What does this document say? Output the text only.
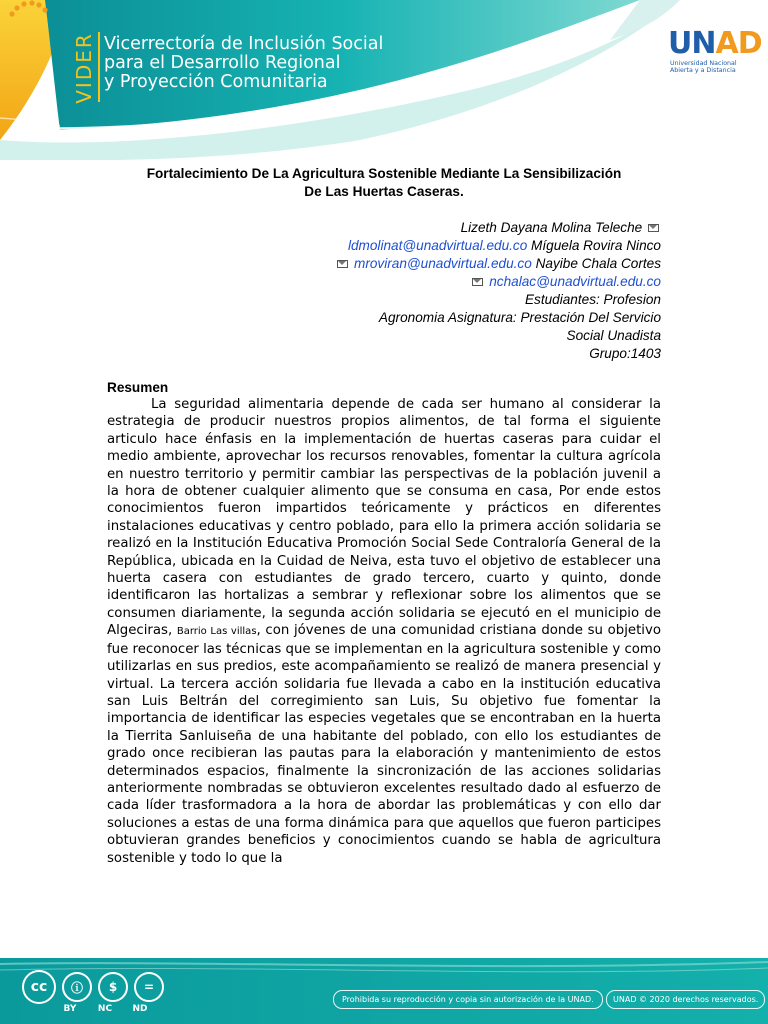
VIDER Vicerrectoría de Inclusión Social
para el Desarrollo Regional
y Proyección Comunitaria
UNAD
Universidad Nacional
Abierta y a Distancia
Fortalecimiento De La Agricultura Sostenible Mediante La Sensibilización
De Las Huertas Caseras.
Lizeth Dayana Molina Teleche
ldmolinat@unadvirtual.edu.co Míguela Rovira Ninco
mroviran@unadvirtual.edu.co Nayibe Chala Cortes
nchalac@unadvirtual.edu.co
Estudiantes: Profesion
Agronomia Asignatura: Prestación Del Servicio
Social Unadista
Grupo:1403
Resumen
La seguridad alimentaria depende de cada ser humano al considerar la estrategia de producir nuestros propios alimentos, de tal forma el siguiente articulo hace énfasis en la implementación de huertas caseras para cuidar el medio ambiente, aprovechar los recursos renovables, fomentar la cultura agrícola en nuestro territorio y permitir cambiar las perspectivas de la población juvenil a la hora de obtener cualquier alimento que se consuma en casa, Por ende estos conocimientos fueron impartidos teóricamente y prácticos en diferentes instalaciones educativas y centro poblado, para ello la primera acción solidaria se realizó en la Institución Educativa Promoción Social Sede Contraloría General de la República, ubicada en la Cuidad de Neiva, esta tuvo el objetivo de establecer una huerta casera con estudiantes de grado tercero, cuarto y quinto, donde identificaron las hortalizas a sembrar y reflexionar sobre los alimentos que se consumen diariamente, la segunda acción solidaria se ejecutó en el municipio de Algeciras, Barrio Las villas, con jóvenes de una comunidad cristiana donde su objetivo fue reconocer las técnicas que se implementan en la agricultura sostenible y como utilizarlas en sus predios, este acompañamiento se realizó de manera presencial y virtual. La tercera acción solidaria fue llevada a cabo en la institución educativa san Luis Beltrán del corregimiento san Luis, Su objetivo fue fomentar la importancia de identificar las especies vegetales que se encontraban en la huerta la Tierrita Sanluiseña de una habitante del poblado, con ello los estudiantes de grado once recibieran las pautas para la elaboración y mantenimiento de estos determinados espacios, finalmente la sincronización de las acciones solidarias anteriormente nombradas se obtuvieron excelentes resultado dado al esfuerzo de cada líder trasformadora a la hora de abordar las problemáticas y con ello dar soluciones a estas de una forma dinámica para que aquellos que fueron participes obtuvieran grandes beneficios y conocimientos cuando se habla de agricultura sostenible y todo lo que la
cc	ⓘ	$	=
BY	NC	ND
Prohibida su reproducción y copia sin autorización de la UNAD.	UNAD © 2020 derechos reservados.
